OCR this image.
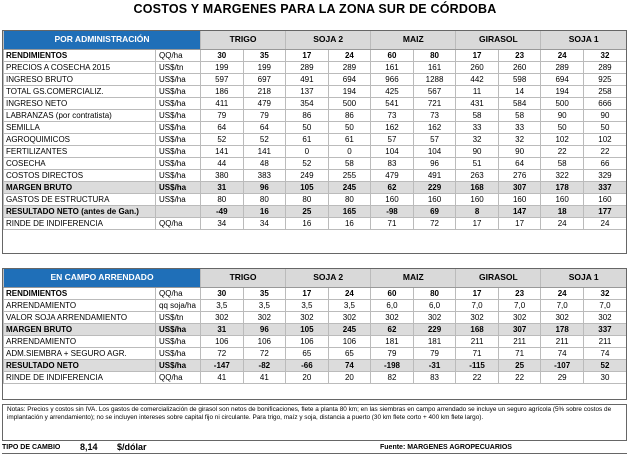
COSTOS Y MARGENES PARA LA ZONA SUR DE CÓRDOBA
POR ADMINISTRACIÓN		TRIGO		SOJA 2		MAIZ		GIRASOL		SOJA 1	
RENDIMIENTOS	QQ/ha	30	35	17	24	60	80	17	23	24	32
PRECIOS A COSECHA 2015	US$/tn	199	199	289	289	161	161	260	260	289	289
INGRESO BRUTO	US$/ha	597	697	491	694	966	1288	442	598	694	925
TOTAL GS.COMERCIALIZ.	US$/ha	186	218	137	194	425	567	11	14	194	258
INGRESO NETO	US$/ha	411	479	354	500	541	721	431	584	500	666
LABRANZAS (por contratista)	US$/ha	79	79	86	86	73	73	58	58	90	90
SEMILLA	US$/ha	64	64	50	50	162	162	33	33	50	50
AGROQUIMICOS	US$/ha	52	52	61	61	57	57	32	32	102	102
FERTILIZANTES	US$/ha	141	141	0	0	104	104	90	90	22	22
COSECHA	US$/ha	44	48	52	58	83	96	51	64	58	66
COSTOS DIRECTOS	US$/ha	380	383	249	255	479	491	263	276	322	329
MARGEN BRUTO	US$/ha	31	96	105	245	62	229	168	307	178	337
GASTOS DE ESTRUCTURA	US$/ha	80	80	80	80	160	160	160	160	160	160
RESULTADO NETO (antes de Gan.)		-49	16	25	165	-98	69	8	147	18	177
RINDE DE INDIFERENCIA	QQ/ha	34	34	16	16	71	72	17	17	24	24
EN CAMPO ARRENDADO		TRIGO		SOJA 2		MAIZ		GIRASOL		SOJA 1	
RENDIMIENTOS	QQ/ha	30	35	17	24	60	80	17	23	24	32
ARRENDAMIENTO	qq soja/ha	3,5	3,5	3,5	3,5	6,0	6,0	7,0	7,0	7,0	7,0
VALOR SOJA ARRENDAMIENTO	US$/tn	302	302	302	302	302	302	302	302	302	302
MARGEN BRUTO	US$/ha	31	96	105	245	62	229	168	307	178	337
ARRENDAMIENTO	US$/ha	106	106	106	106	181	181	211	211	211	211
ADM.SIEMBRA + SEGURO AGR.	US$/ha	72	72	65	65	79	79	71	71	74	74
RESULTADO NETO	US$/ha	-147	-82	-66	74	-198	-31	-115	25	-107	52
RINDE DE INDIFERENCIA	QQ/ha	41	41	20	20	82	83	22	22	29	30
Notas: Precios y costos sin IVA. Los gastos de comercialización de girasol son netos de bonificaciones, flete a planta 80 km; en las siembras en campo arrendado se incluye un seguro agrícola (5% sobre costos de implantación y arrendamiento); no se incluyen intereses sobre capital fijo ni circulante. Para trigo, maíz y soja, distancia a puerto (30 km flete corto + 400 km flete largo).
TIPO DE CAMBIO 8,14 $/dólar	Fuente: MARGENES AGROPECUARIOS
